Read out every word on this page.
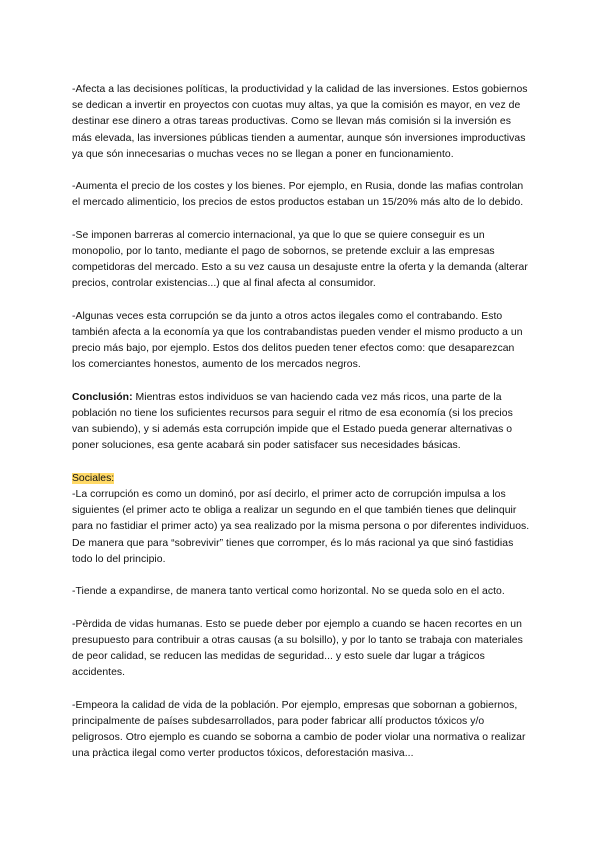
-Afecta a las decisiones políticas, la productividad y la calidad de las inversiones. Estos gobiernos se dedican a invertir en proyectos con cuotas muy altas, ya que la comisión es mayor, en vez de destinar ese dinero a otras tareas productivas. Como se llevan más comisión si la inversión es más elevada, las inversiones públicas tienden a aumentar, aunque són inversiones improductivas ya que són innecesarias o muchas veces no se llegan a poner en funcionamiento.

-Aumenta el precio de los costes y los bienes. Por ejemplo, en Rusia, donde las mafias controlan el mercado alimenticio, los precios de estos productos estaban un 15/20% más alto de lo debido.

-Se imponen barreras al comercio internacional, ya que lo que se quiere conseguir es un monopolio, por lo tanto, mediante el pago de sobornos, se pretende excluir a las empresas competidoras del mercado. Esto a su vez causa un desajuste entre la oferta y la demanda (alterar precios, controlar existencias...) que al final afecta al consumidor.

-Algunas veces esta corrupción se da junto a otros actos ilegales como el contrabando. Esto también afecta a la economía ya que los contrabandistas pueden vender el mismo producto a un precio más bajo, por ejemplo. Estos dos delitos pueden tener efectos como: que desaparezcan los comerciantes honestos, aumento de los mercados negros.

Conclusión: Mientras estos individuos se van haciendo cada vez más ricos, una parte de la población no tiene los suficientes recursos para seguir el ritmo de esa economía (si los precios van subiendo), y si además esta corrupción impide que el Estado pueda generar alternativas o poner soluciones, esa gente acabará sin poder satisfacer sus necesidades básicas.

Sociales:

-La corrupción es como un dominó, por así decirlo, el primer acto de corrupción impulsa a los siguientes (el primer acto te obliga a realizar un segundo en el que también tienes que delinquir para no fastidiar el primer acto) ya sea realizado por la misma persona o por diferentes individuos. De manera que para “sobrevivir” tienes que corromper, és lo más racional ya que sinó fastidias todo lo del principio.

-Tiende a expandirse, de manera tanto vertical como horizontal. No se queda solo en el acto.

-Pèrdida de vidas humanas. Esto se puede deber por ejemplo a cuando se hacen recortes en un presupuesto para contribuir a otras causas (a su bolsillo), y por lo tanto se trabaja con materiales de peor calidad, se reducen las medidas de seguridad... y esto suele dar lugar a trágicos accidentes.

-Empeora la calidad de vida de la población. Por ejemplo, empresas que sobornan a gobiernos, principalmente de países subdesarrollados, para poder fabricar allí productos tóxicos y/o peligrosos. Otro ejemplo es cuando se soborna a cambio de poder violar una normativa o realizar una pràctica ilegal como verter productos tóxicos, deforestación masiva...
